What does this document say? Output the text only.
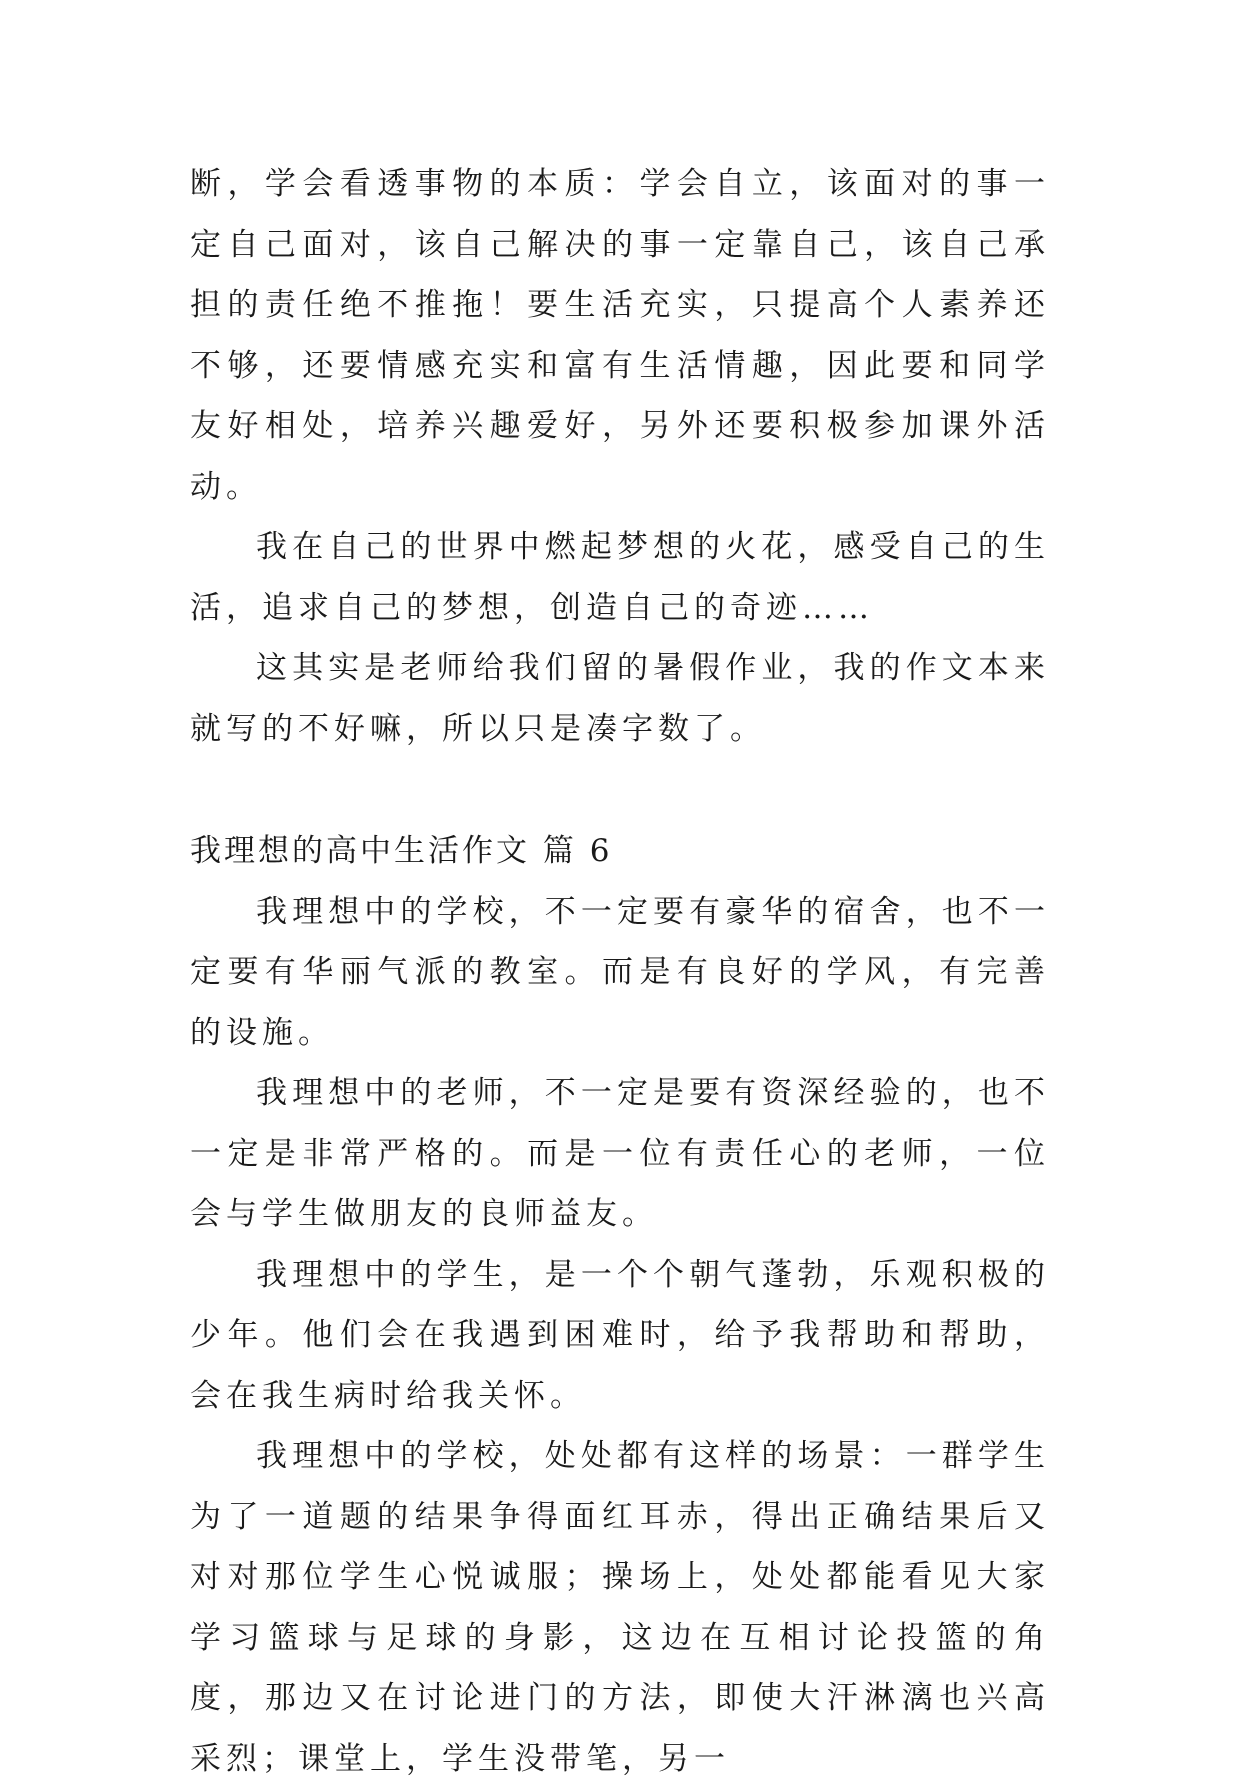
断，学会看透事物的本质：学会自立，该面对的事一定自己面对，该自己解决的事一定靠自己，该自己承担的责任绝不推拖！要生活充实，只提高个人素养还不够，还要情感充实和富有生活情趣，因此要和同学友好相处，培养兴趣爱好，另外还要积极参加课外活动。

我在自己的世界中燃起梦想的火花，感受自己的生活，追求自己的梦想，创造自己的奇迹……

这其实是老师给我们留的暑假作业，我的作文本来就写的不好嘛，所以只是凑字数了。

我理想的高中生活作文 篇 6

我理想中的学校，不一定要有豪华的宿舍，也不一定要有华丽气派的教室。而是有良好的学风，有完善的设施。

我理想中的老师，不一定是要有资深经验的，也不一定是非常严格的。而是一位有责任心的老师，一位会与学生做朋友的良师益友。

我理想中的学生，是一个个朝气蓬勃，乐观积极的少年。他们会在我遇到困难时，给予我帮助和帮助，会在我生病时给我关怀。

我理想中的学校，处处都有这样的场景：一群学生为了一道题的结果争得面红耳赤，得出正确结果后又对对那位学生心悦诚服；操场上，处处都能看见大家学习篮球与足球的身影，这边在互相讨论投篮的角度，那边又在讨论进门的方法，即使大汗淋漓也兴高采烈；课堂上，学生没带笔，另一
